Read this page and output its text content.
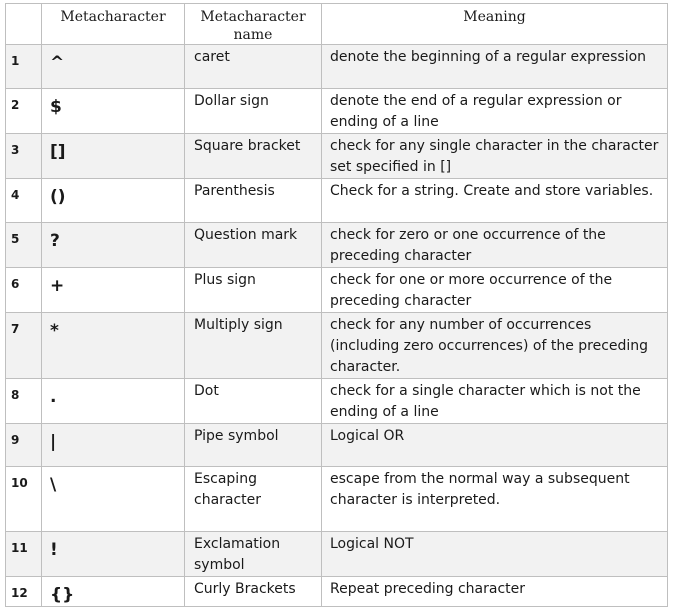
	Metacharacter	Metacharacter name	Meaning
1	^	caret	denote the beginning of a regular expression
2	$	Dollar sign	denote the end of a regular expression or ending of a line
3	[]	Square bracket	check for any single character in the character set specified in []
4	()	Parenthesis	Check for a string. Create and store variables.
5	?	Question mark	check for zero or one occurrence of the preceding character
6	+	Plus sign	check for one or more occurrence of the preceding character
7	*	Multiply sign	check for any number of occurrences (including zero occurrences) of the preceding character.
8	.	Dot	check for a single character which is not the ending of a line
9	|	Pipe symbol	Logical OR
10	\	Escaping character	escape from the normal way a subsequent character is interpreted.
11	!	Exclamation symbol	Logical NOT
12	{}	Curly Brackets	Repeat preceding character
